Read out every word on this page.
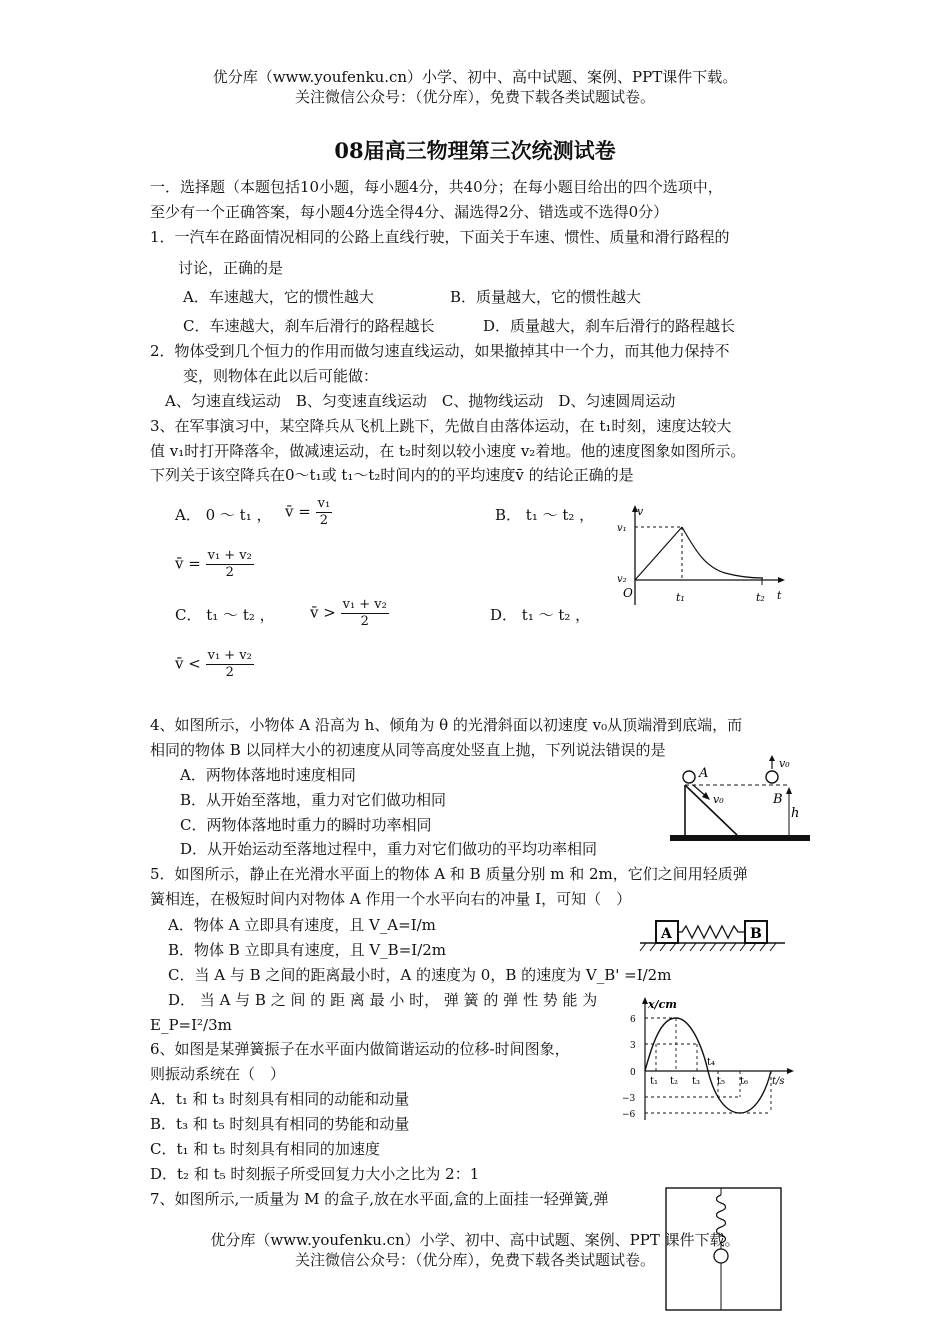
优分库（www.youfenku.cn）小学、初中、高中试题、案例、PPT课件下载。
关注微信公众号：（优分库），免费下载各类试题试卷。
08届高三物理第三次统测试卷
一．选择题（本题包括10小题，每小题4分，共40分；在每小题目给出的四个选项中，
至少有一个正确答案，每小题4分选全得4分、漏选得2分、错选或不选得0分）
1．一汽车在路面情况相同的公路上直线行驶，下面关于车速、惯性、质量和滑行路程的
讨论，正确的是
A．车速越大，它的惯性越大	B．质量越大，它的惯性越大
C．车速越大，刹车后滑行的路程越长	D．质量越大，刹车后滑行的路程越长
2．物体受到几个恒力的作用而做匀速直线运动，如果撤掉其中一个力，而其他力保持不
变，则物体在此以后可能做：
A、匀速直线运动　B、匀变速直线运动　C、抛物线运动　D、匀速圆周运动
3、在军事演习中，某空降兵从飞机上跳下，先做自由落体运动，在 t₁时刻，速度达较大
值 v₁时打开降落伞，做减速运动，在 t₂时刻以较小速度 v₂着地。他的速度图象如图所示。
下列关于该空降兵在0～t₁或 t₁～t₂时间内的的平均速度v̄ 的结论正确的是
A． 0 ～ t₁ ， v̄ = $\frac{\text{v₁}}{2}$	B． t₁ ～ t₂ ，
v̄ = $\frac{\text{v₁ + v₂}}{2}$
C． t₁ ～ t₂ ， v̄ > $\frac{\text{v₁ + v₂}}{2}$	D． t₁ ～ t₂ ，
v̄ < $\frac{\text{v₁ + v₂}}{2}$
v
v₁
v₂
O	t₁	t₂ t
4、如图所示，小物体 A 沿高为 h、倾角为 θ 的光滑斜面以初速度 v₀从顶端滑到底端，而
相同的物体 B 以同样大小的初速度从同等高度处竖直上抛，下列说法错误的是
A．两物体落地时速度相同
B．从开始至落地，重力对它们做功相同
C．两物体落地时重力的瞬时功率相同
D．从开始运动至落地过程中，重力对它们做功的平均功率相同
A
B
v₀
v₀
h
5．如图所示，静止在光滑水平面上的物体 A 和 B 质量分别 m 和 2m，它们之间用轻质弹
簧相连，在极短时间内对物体 A 作用一个水平向右的冲量 I，可知（　）
A．物体 A 立即具有速度，且 V_A=I/m
B．物体 B 立即具有速度，且 V_B=I/2m
C．当 A 与 B 之间的距离最小时，A 的速度为 0，B 的速度为 V_B' =I/2m
D． 当 A 与 B 之 间 的 距 离 最 小 时， 弹 簧 的 弹 性 势 能 为
E_P=I²/3m
A	B
6、如图是某弹簧振子在水平面内做简谐运动的位移-时间图象，
则振动系统在（　）
A．t₁ 和 t₃ 时刻具有相同的动能和动量
B．t₃ 和 t₅ 时刻具有相同的势能和动量
C．t₁ 和 t₅ 时刻具有相同的加速度
D．t₂ 和 t₅ 时刻振子所受回复力大小之比为 2：1
x/cm
6
3
0
−3
−6
t₁ t₂ t₃
t₄
t₅ t₆ t/s
7、如图所示,一质量为 M 的盒子,放在水平面,盒的上面挂一轻弹簧,弹
优分库（www.youfenku.cn）小学、初中、高中试题、案例、PPT 课件下载。
关注微信公众号：（优分库），免费下载各类试题试卷。
